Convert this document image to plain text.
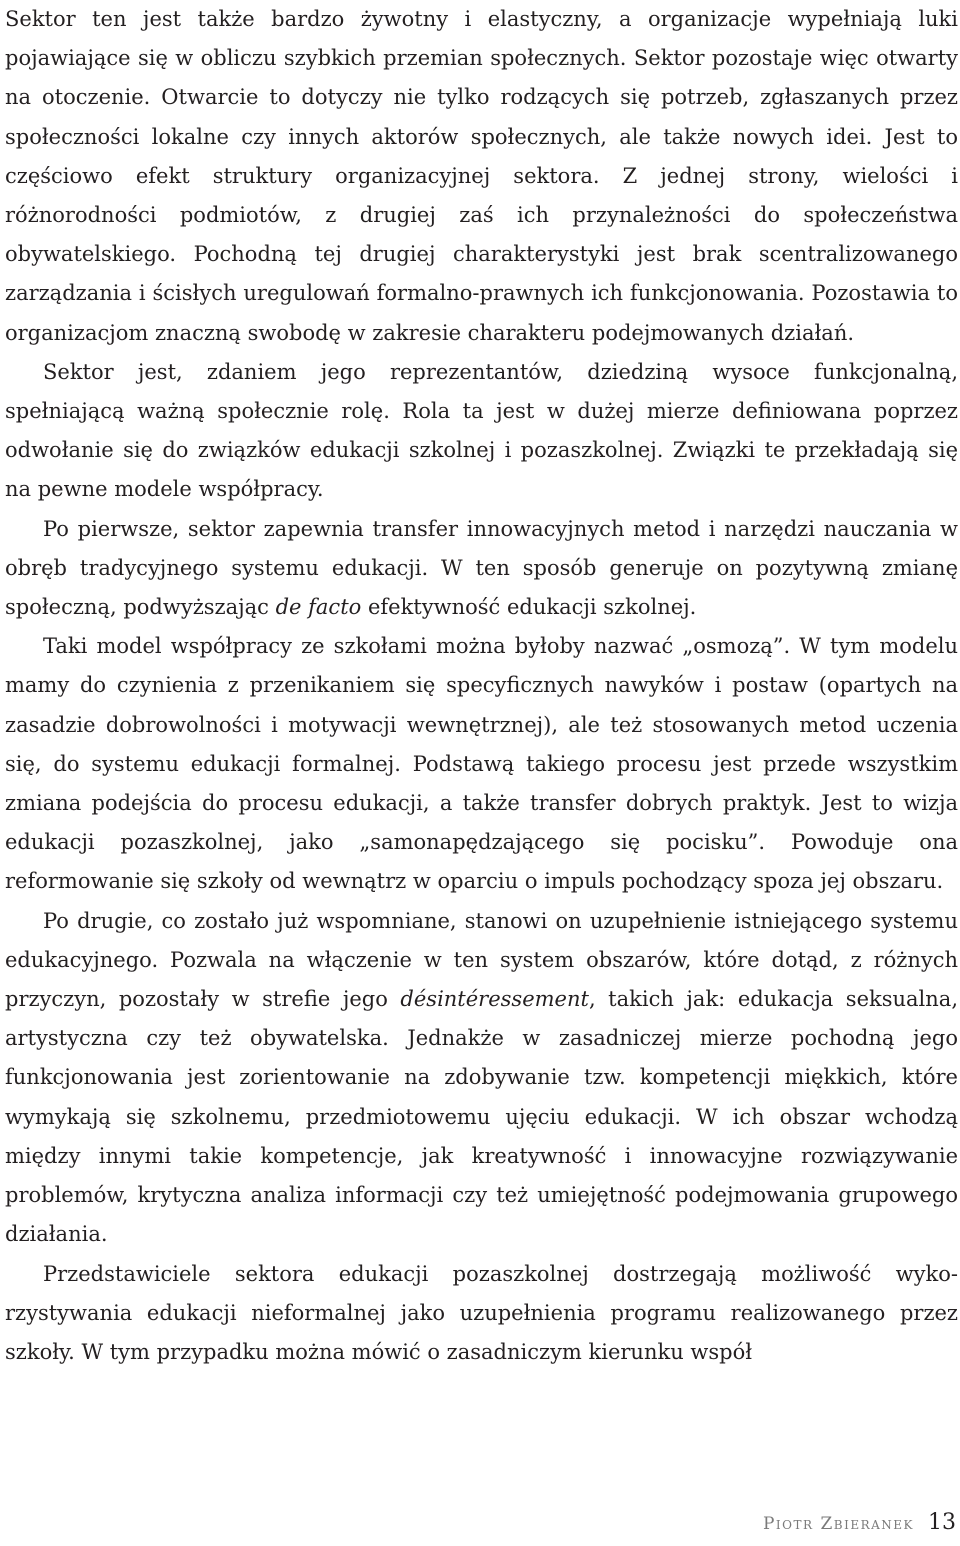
Sektor ten jest także bardzo żywotny i elastyczny, a organizacje wypełniają luki pojawiające się w obliczu szybkich przemian społecznych. Sektor pozostaje więc otwarty na otoczenie. Otwarcie to dotyczy nie tylko rodzących się potrzeb, zgłaszanych przez społeczności lokalne czy innych aktorów społecznych, ale także nowych idei. Jest to częściowo efekt struktury organizacyjnej sektora. Z jednej strony, wielości i różnorodności podmiotów, z drugiej zaś ich przynależności do społeczeństwa obywatelskiego. Pochodną tej drugiej charakterystyki jest brak scentralizowanego zarządzania i ścisłych uregulowań formalno-prawnych ich funkcjonowania. Pozostawia to organizacjom znaczną swobodę w zakresie charakteru podejmowanych działań.

Sektor jest, zdaniem jego reprezentantów, dziedziną wysoce funkcjonalną, spełniającą ważną społecznie rolę. Rola ta jest w dużej mierze definiowana poprzez odwołanie się do związków edukacji szkolnej i pozaszkolnej. Związki te przekładają się na pewne modele współpracy.

Po pierwsze, sektor zapewnia transfer innowacyjnych metod i narzędzi nauczania w obręb tradycyjnego systemu edukacji. W ten sposób generuje on pozytywną zmianę społeczną, podwyższając de facto efektywność edukacji szkolnej.

Taki model współpracy ze szkołami można byłoby nazwać „osmozą”. W tym modelu mamy do czynienia z przenikaniem się specyficznych nawyków i postaw (opartych na zasadzie dobrowolności i motywacji wewnętrznej), ale też stosowanych metod uczenia się, do systemu edukacji formalnej. Podstawą takiego procesu jest przede wszystkim zmiana podejścia do procesu edukacji, a także transfer dobrych praktyk. Jest to wizja edukacji pozaszkolnej, jako „samonapędzającego się pocisku”. Powoduje ona reformowanie się szkoły od wewnątrz w oparciu o impuls pochodzący spoza jej obszaru.

Po drugie, co zostało już wspomniane, stanowi on uzupełnienie istniejącego systemu edukacyjnego. Pozwala na włączenie w ten system obszarów, które dotąd, z różnych przyczyn, pozostały w strefie jego désintéressement, takich jak: edukacja seksualna, artystyczna czy też obywatelska. Jednakże w zasadniczej mierze pochodną jego funkcjonowania jest zorientowanie na zdobywanie tzw. kompetencji miękkich, które wymykają się szkolnemu, przedmiotowemu ujęciu edukacji. W ich obszar wchodzą między innymi takie kompetencje, jak kreatywność i innowacyjne rozwiązywanie problemów, krytyczna analiza informacji czy też umiejętność podejmowania grupowego działania.

Przedstawiciele sektora edukacji pozaszkolnej dostrzegają możliwość wykorzystywania edukacji nieformalnej jako uzupełnienia programu realizowanego przez szkoły. W tym przypadku można mówić o zasadniczym kierunku współ

Piotr Zbieranek 13
